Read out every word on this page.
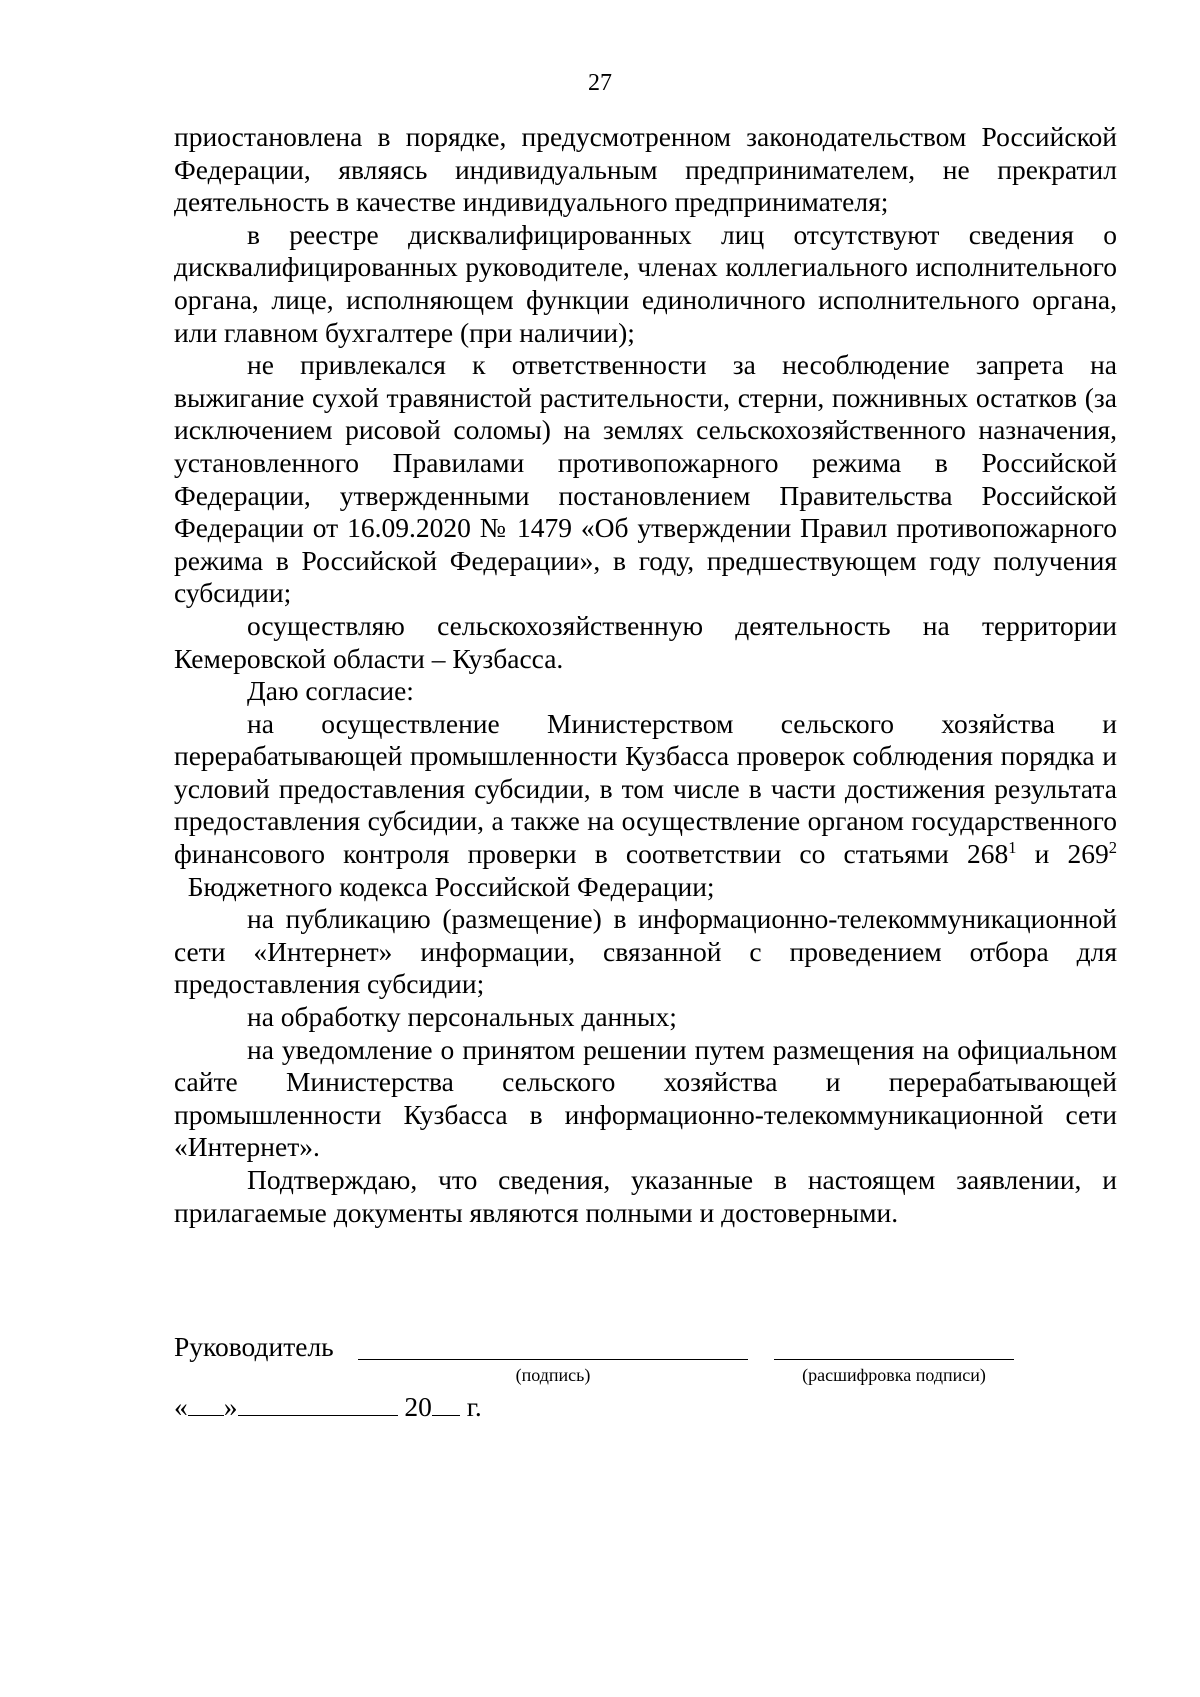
27

приостановлена в порядке, предусмотренном законодательством Российской Федерации, являясь индивидуальным предпринимателем, не прекратил деятельность в качестве индивидуального предпринимателя;

в реестре дисквалифицированных лиц отсутствуют сведения о дисквалифицированных руководителе, членах коллегиального исполнительного органа, лице, исполняющем функции единоличного исполнительного органа, или главном бухгалтере (при наличии);

не привлекался к ответственности за несоблюдение запрета на выжигание сухой травянистой растительности, стерни, пожнивных остатков (за исключением рисовой соломы) на землях сельскохозяйственного назначения, установленного Правилами противопожарного режима в Российской Федерации, утвержденными постановлением Правительства Российской Федерации от 16.09.2020 № 1479 «Об утверждении Правил противопожарного режима в Российской Федерации», в году, предшествующем году получения субсидии;

осуществляю сельскохозяйственную деятельность на территории Кемеровской области – Кузбасса.

Даю согласие:

на осуществление Министерством сельского хозяйства и перерабатывающей промышленности Кузбасса проверок соблюдения порядка и условий предоставления субсидии, в том числе в части достижения результата предоставления субсидии, а также на осуществление органом государственного финансового контроля проверки в соответствии со статьями $268^1$ и $269^2$  Бюджетного кодекса Российской Федерации;

на публикацию (размещение) в информационно-телекоммуникационной сети «Интернет» информации, связанной с проведением отбора для предоставления субсидии;

на обработку персональных данных;

на уведомление о принятом решении путем размещения на официальном сайте Министерства сельского хозяйства и перерабатывающей промышленности Кузбасса в информационно-телекоммуникационной сети «Интернет».

Подтверждаю, что сведения, указанные в настоящем заявлении, и прилагаемые документы являются полными и достоверными.

Руководитель
(подпись)	(расшифровка подписи)
« »	20 г.
